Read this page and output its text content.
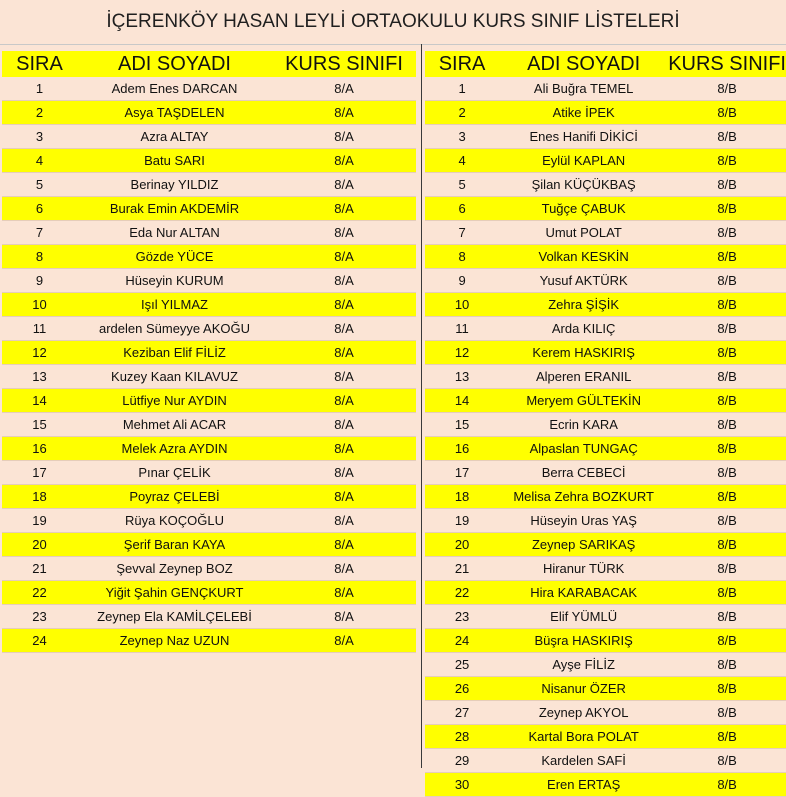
İÇERENKÖY HASAN LEYLİ ORTAOKULU KURS SINIF LİSTELERİ
SIRA	ADI SOYADI	KURS SINIFI
1	Adem Enes DARCAN	8/A
2	Asya TAŞDELEN	8/A
3	Azra ALTAY	8/A
4	Batu SARI	8/A
5	Berinay YILDIZ	8/A
6	Burak Emin AKDEMİR	8/A
7	Eda Nur ALTAN	8/A
8	Gözde YÜCE	8/A
9	Hüseyin KURUM	8/A
10	Işıl YILMAZ	8/A
11	ardelen Sümeyye AKOĞU	8/A
12	Keziban Elif FİLİZ	8/A
13	Kuzey Kaan KILAVUZ	8/A
14	Lütfiye Nur AYDIN	8/A
15	Mehmet Ali ACAR	8/A
16	Melek Azra AYDIN	8/A
17	Pınar ÇELİK	8/A
18	Poyraz ÇELEBİ	8/A
19	Rüya KOÇOĞLU	8/A
20	Şerif Baran KAYA	8/A
21	Şevval Zeynep BOZ	8/A
22	Yiğit Şahin GENÇKURT	8/A
23	Zeynep Ela KAMİLÇELEBİ	8/A
24	Zeynep Naz UZUN	8/A
SIRA	ADI SOYADI	KURS SINIFI
1	Ali Buğra TEMEL	8/B
2	Atike İPEK	8/B
3	Enes Hanifi DİKİCİ	8/B
4	Eylül KAPLAN	8/B
5	Şilan KÜÇÜKBAŞ	8/B
6	Tuğçe ÇABUK	8/B
7	Umut POLAT	8/B
8	Volkan KESKİN	8/B
9	Yusuf AKTÜRK	8/B
10	Zehra ŞİŞİK	8/B
11	Arda KILIÇ	8/B
12	Kerem HASKIRIŞ	8/B
13	Alperen ERANIL	8/B
14	Meryem GÜLTEKİN	8/B
15	Ecrin KARA	8/B
16	Alpaslan TUNGAÇ	8/B
17	Berra CEBECİ	8/B
18	Melisa Zehra BOZKURT	8/B
19	Hüseyin Uras YAŞ	8/B
20	Zeynep SARIKAŞ	8/B
21	Hiranur TÜRK	8/B
22	Hira KARABACAK	8/B
23	Elif YÜMLÜ	8/B
24	Büşra HASKIRIŞ	8/B
25	Ayşe FİLİZ	8/B
26	Nisanur ÖZER	8/B
27	Zeynep AKYOL	8/B
28	Kartal Bora POLAT	8/B
29	Kardelen SAFİ	8/B
30	Eren ERTAŞ	8/B
